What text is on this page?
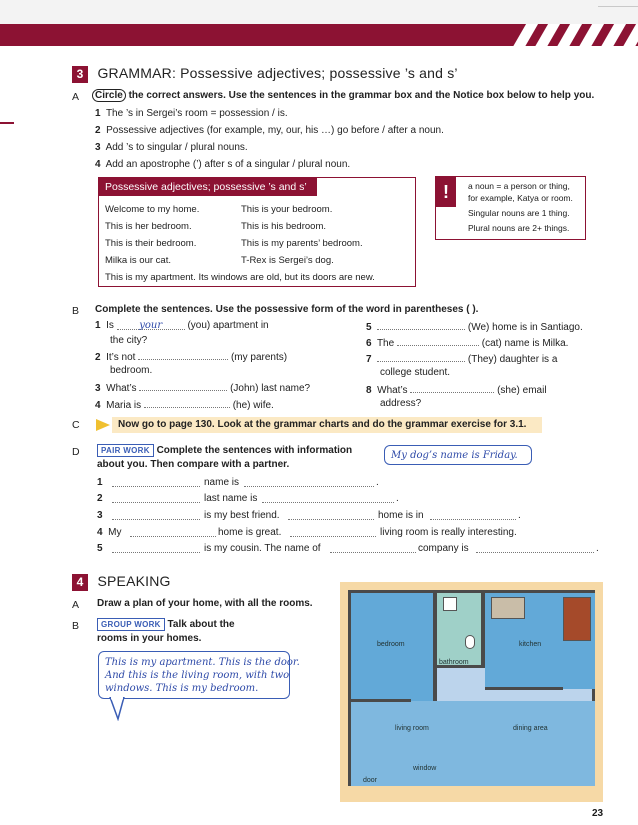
3 GRAMMAR: Possessive adjectives; possessive ’s and s’
A	Circle the correct answers. Use the sentences in the grammar box and the Notice box below to help you.
1 The ’s in Sergei’s room = possession / is.
2 Possessive adjectives (for example, my, our, his …) go before / after a noun.
3 Add ’s to singular / plural nouns.
4 Add an apostrophe (’) after s of a singular / plural noun.
Possessive adjectives; possessive ’s and s’
Welcome to my home.	This is your bedroom.
This is her bedroom.	This is his bedroom.
This is their bedroom.	This is my parents’ bedroom.
Milka is our cat.	T-Rex is Sergei’s dog.
This is my apartment. Its windows are old, but its doors are new.
!	a noun = a person or thing,
for example, Katya or room.
Singular nouns are 1 thing.
Plural nouns are 2+ things.
B Complete the sentences. Use the possessive form of the word in parentheses ( ).
1 Is	your	(you) apartment in
the city?
2 It’s not	(my parents)
bedroom.
3 What’s	(John) last name?
4 Maria is	(he) wife.
5	(We) home is in Santiago.
6 The	(cat) name is Milka.
7	(They) daughter is a
college student.
8 What’s	(she) email
address?
C	Now go to page 130. Look at the grammar charts and do the grammar exercise for 3.1.
D	PAIR WORK Complete the sentences with information
about you. Then compare with a partner.
My dog’s name is Friday.
1	name is	.
2	last name is	.
3	is my best friend.	home is in	.
4 My	home is great.	living room is really interesting.
5	is my cousin. The name of	company is	.
4 SPEAKING
A Draw a plan of your home, with all the rooms.
B	GROUP WORK Talk about the
rooms in your homes.
This is my apartment. This is the door.
And this is the living room, with two
windows. This is my bedroom.
bedroom
bathroom
kitchen
living room	dining area
window
door
23
